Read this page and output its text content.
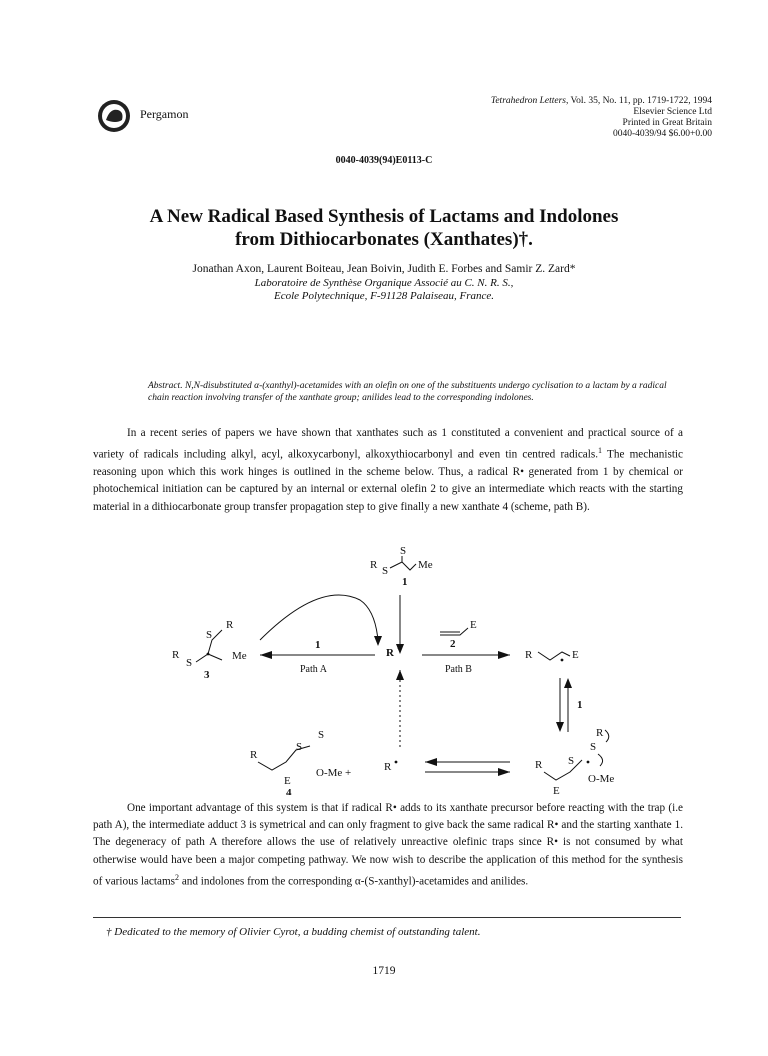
Pergamon
Tetrahedron Letters, Vol. 35, No. 11, pp. 1719-1722, 1994
Elsevier Science Ltd
Printed in Great Britain
0040-4039/94 $6.00+0.00
0040-4039(94)E0113-C
A New Radical Based Synthesis of Lactams and Indolones
from Dithiocarbonates (Xanthates)†.
Jonathan Axon, Laurent Boiteau, Jean Boivin, Judith E. Forbes and Samir Z. Zard*
Laboratoire de Synthèse Organique Associé au C. N. R. S.,
Ecole Polytechnique, F-91128 Palaiseau, France.
Abstract. N,N-disubstituted α-(xanthyl)-acetamides with an olefin on one of the substituents undergo cyclisation to a lactam by a radical chain reaction involving transfer of the xanthate group; anilides lead to the corresponding indolones.

In a recent series of papers we have shown that xanthates such as 1 constituted a convenient and practical source of a variety of radicals including alkyl, acyl, alkoxycarbonyl, alkoxythiocarbonyl and even tin centred radicals.$^1$ The mechanistic reasoning upon which this work hinges is outlined in the scheme below. Thus, a radical R• generated from 1 by chemical or photochemical initiation can be captured by an internal or external olefin 2 to give an intermediate which reacts with the starting material in a dithiocarbonate group transfer propagation step to give finally a new xanthate 4 (scheme, path B).

S
R S	Me
1
R
1
Path A
R
S
S
R
Me
3
E
2
Path B
R	E
1
R
S
S
O-Me +
E
4
R	R S
S
R
O-Me
E

One important advantage of this system is that if radical R• adds to its xanthate precursor before reacting with the trap (i.e path A), the intermediate adduct 3 is symetrical and can only fragment to give back the same radical R• and the starting xanthate 1. The degeneracy of path A therefore allows the use of relatively unreactive olefinic traps since R• is not consumed by what otherwise would have been a major competing pathway. We now wish to describe the application of this method for the synthesis of various lactams$^2$ and indolones from the corresponding α-(S-xanthyl)-acetamides and anilides.

† Dedicated to the memory of Olivier Cyrot, a budding chemist of outstanding talent.
1719
